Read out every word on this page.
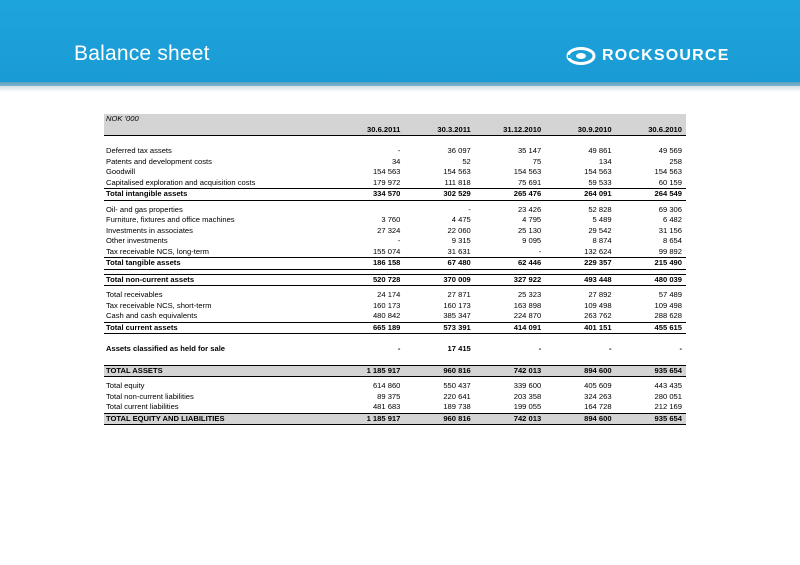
Balance sheet	ROCKSOURCE
NOK '000					
	30.6.2011	30.3.2011	31.12.2010	30.9.2010	30.6.2010

Deferred tax assets	-	36 097	35 147	49 861	49 569
Patents and development costs	34	52	75	134	258
Goodwill	154 563	154 563	154 563	154 563	154 563
Capitalised exploration and acquisition costs	179 972	111 818	75 691	59 533	60 159
Total intangible assets	334 570	302 529	265 476	264 091	264 549

Oil- and gas properties		-	23 426	52 828	69 306
Furniture, fixtures and office machines	3 760	4 475	4 795	5 489	6 482
Investments in associates	27 324	22 060	25 130	29 542	31 156
Other investments	-	9 315	9 095	8 874	8 654
Tax receivable NCS, long-term	155 074	31 631	-	132 624	99 892
Total tangible assets	186 158	67 480	62 446	229 357	215 490

Total non-current assets	520 728	370 009	327 922	493 448	480 039

Total receivables	24 174	27 871	25 323	27 892	57 489
Tax receivable NCS, short-term	160 173	160 173	163 898	109 498	109 498
Cash and cash equivalents	480 842	385 347	224 870	263 762	288 628
Total current assets	665 189	573 391	414 091	401 151	455 615

Assets classified as held for sale	-	17 415	-	-	-

TOTAL ASSETS	1 185 917	960 816	742 013	894 600	935 654

Total equity	614 860	550 437	339 600	405 609	443 435
Total non-current liabilities	89 375	220 641	203 358	324 263	280 051
Total current liabilities	481 683	189 738	199 055	164 728	212 169
TOTAL EQUITY AND LIABILITIES	1 185 917	960 816	742 013	894 600	935 654
